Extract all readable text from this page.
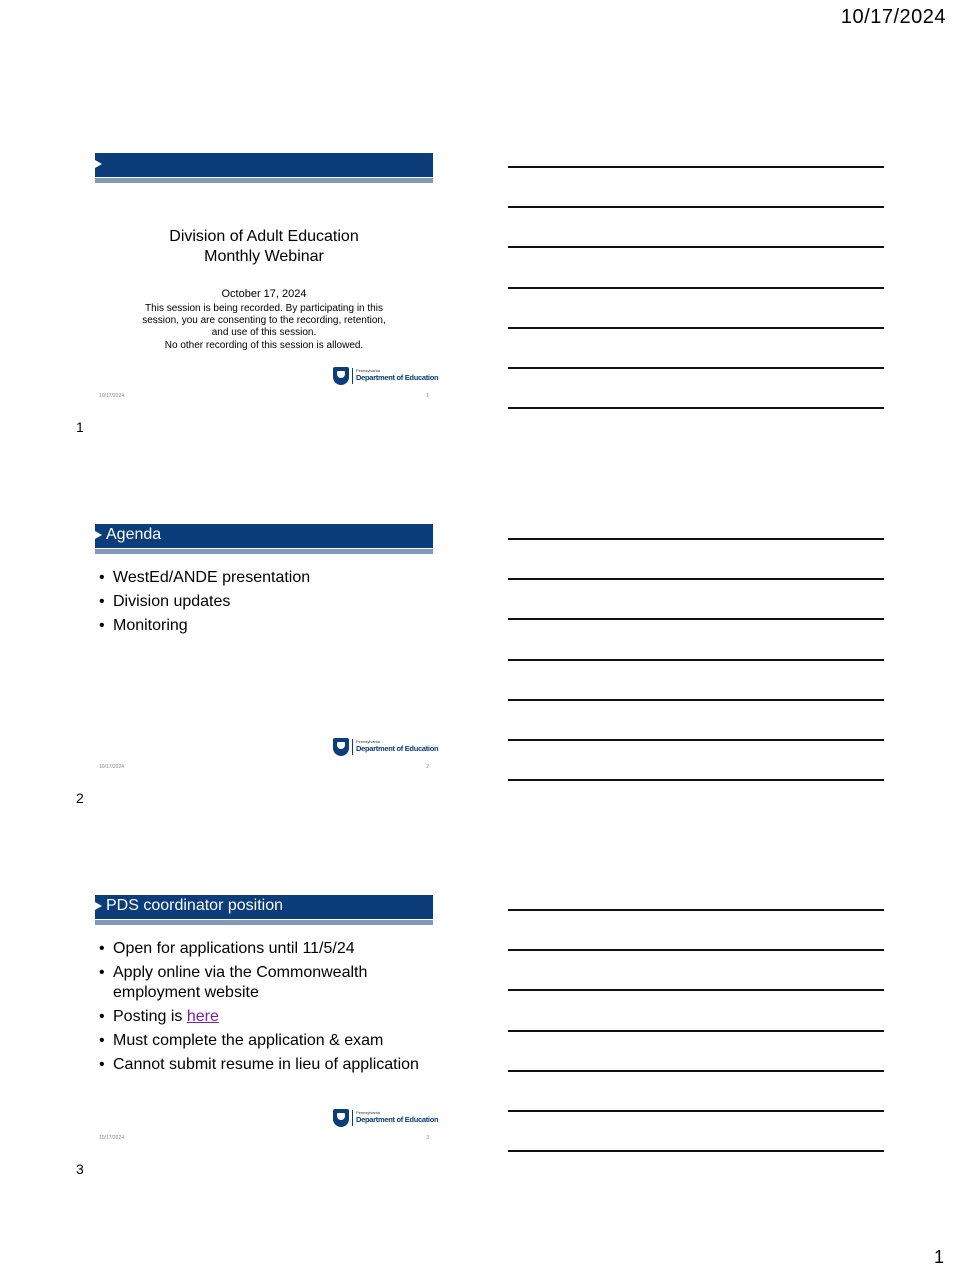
10/17/2024
Division of Adult Education
Monthly Webinar
October 17, 2024
This session is being recorded. By participating in this session, you are consenting to the recording, retention, and use of this session.
No other recording of this session is allowed.
Pennsylvania
Department of Education
10/17/2024	1
1
Agenda
• WestEd/ANDE presentation
• Division updates
• Monitoring
Pennsylvania
Department of Education
10/17/2024	2
2
PDS coordinator position
• Open for applications until 11/5/24
• Apply online via the Commonwealth employment website
• Posting is here
• Must complete the application & exam
• Cannot submit resume in lieu of application
Pennsylvania
Department of Education
10/17/2024	3
3
1
